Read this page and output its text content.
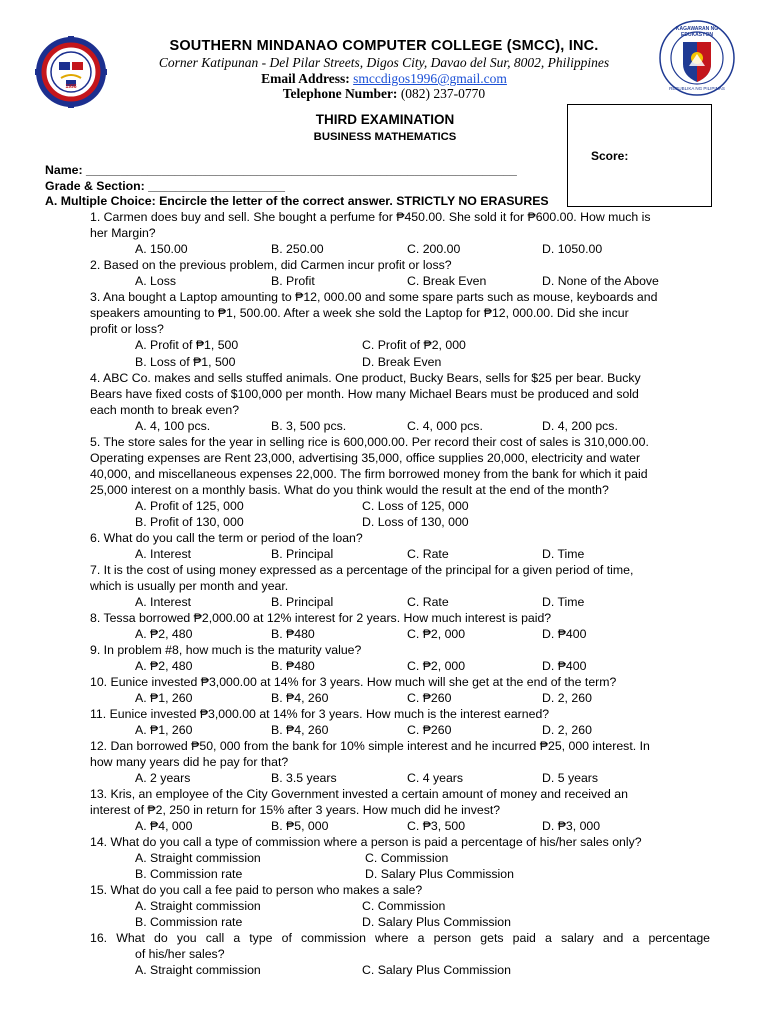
1996
KAGAWARAN NG EDUKASYON
REPUBLIKA NG PILIPINAS
SOUTHERN MINDANAO COMPUTER COLLEGE (SMCC), INC.
Corner Katipunan - Del Pilar Streets, Digos City, Davao del Sur, 8002, Philippines
Email Address: smccdigos1996@gmail.com
Telephone Number: (082) 237-0770
Score:
THIRD EXAMINATION
BUSINESS MATHEMATICS
Name: _______________________________________________________________
Grade & Section: ____________________
A. Multiple Choice: Encircle the letter of the correct answer. STRICTLY NO ERASURES
1. Carmen does buy and sell. She bought a perfume for ₱450.00. She sold it for ₱600.00. How much is
her Margin?
A. 150.00	B. 250.00	C. 200.00	D. 1050.00
2. Based on the previous problem, did Carmen incur profit or loss?
A. Loss	B. Profit	C. Break Even	D. None of the Above
3. Ana bought a Laptop amounting to ₱12, 000.00 and some spare parts such as mouse, keyboards and
speakers amounting to ₱1, 500.00. After a week she sold the Laptop for ₱12, 000.00. Did she incur
profit or loss?
A. Profit of ₱1, 500	C. Profit of ₱2, 000
B. Loss of ₱1, 500	D. Break Even
4. ABC Co. makes and sells stuffed animals. One product, Bucky Bears, sells for $25 per bear. Bucky
Bears have fixed costs of $100,000 per month. How many Michael Bears must be produced and sold
each month to break even?
A. 4, 100 pcs.	B. 3, 500 pcs.	C. 4, 000 pcs.	D. 4, 200 pcs.
5. The store sales for the year in selling rice is 600,000.00. Per record their cost of sales is 310,000.00.
Operating expenses are Rent 23,000, advertising 35,000, office supplies 20,000, electricity and water
40,000, and miscellaneous expenses 22,000. The firm borrowed money from the bank for which it paid
25,000 interest on a monthly basis. What do you think would the result at the end of the month?
A. Profit of 125, 000	C. Loss of 125, 000
B. Profit of 130, 000	D. Loss of 130, 000
6. What do you call the term or period of the loan?
A. Interest	B. Principal	C. Rate	D. Time
7. It is the cost of using money expressed as a percentage of the principal for a given period of time,
which is usually per month and year.
A. Interest	B. Principal	C. Rate	D. Time
8. Tessa borrowed ₱2,000.00 at 12% interest for 2 years. How much interest is paid?
A. ₱2, 480	B. ₱480	C. ₱2, 000	D. ₱400
9. In problem #8, how much is the maturity value?
A. ₱2, 480	B. ₱480	C. ₱2, 000	D. ₱400
10. Eunice invested ₱3,000.00 at 14% for 3 years. How much will she get at the end of the term?
A. ₱1, 260	B. ₱4, 260	C. ₱260	D. 2, 260
11. Eunice invested ₱3,000.00 at 14% for 3 years. How much is the interest earned?
A. ₱1, 260	B. ₱4, 260	C. ₱260	D. 2, 260
12. Dan borrowed ₱50, 000 from the bank for 10% simple interest and he incurred ₱25, 000 interest. In
how many years did he pay for that?
A. 2 years	B. 3.5 years	C. 4 years	D. 5 years
13. Kris, an employee of the City Government invested a certain amount of money and received an
interest of ₱2, 250 in return for 15% after 3 years. How much did he invest?
A. ₱4, 000	B. ₱5, 000	C. ₱3, 500	D. ₱3, 000
14. What do you call a type of commission where a person is paid a percentage of his/her sales only?
A. Straight commission	C. Commission
B. Commission rate	D. Salary Plus Commission
15. What do you call a fee paid to person who makes a sale?
A. Straight commission	C. Commission
B. Commission rate	D. Salary Plus Commission
16. What do you call a type of commission where a person gets paid a salary and a percentage
of his/her sales?
A. Straight commission	C. Salary Plus Commission
